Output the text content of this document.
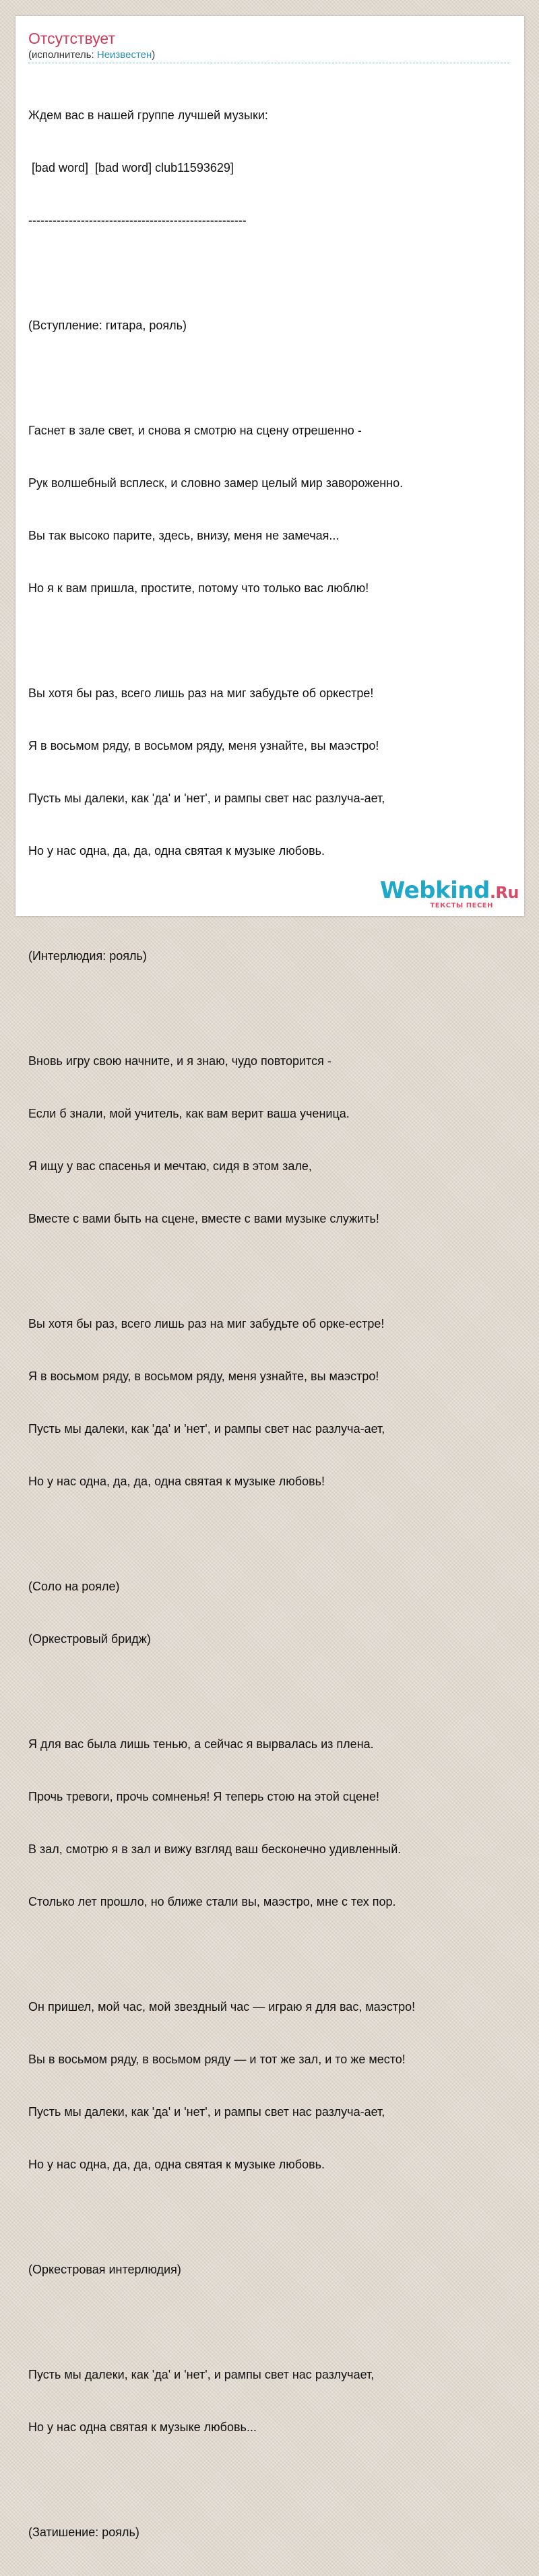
Отсутствует
(исполнитель: Неизвестен)

Ждем вас в нашей группе лучшей музыки:

[bad word]  [bad word] club11593629]

------------------------------------------------------

(Вступление: гитара, рояль)

Гаснет в зале свет, и снова я смотрю на сцену отрешенно -

Рук волшебный всплеск, и словно замер целый мир завороженно.

Вы так высоко парите, здесь, внизу, меня не замечая...

Но я к вам пришла, простите, потому что только вас люблю!

Вы хотя бы раз, всего лишь раз на миг забудьте об оркестре!

Я в восьмом ряду, в восьмом ряду, меня узнайте, вы маэстро!

Пусть мы далеки, как 'да' и 'нет', и рампы свет нас разлуча-ает,

Но у нас одна, да, да, одна святая к музыке любовь.

(Интерлюдия: рояль)

Вновь игру свою начните, и я знаю, чудо повторится -

Если б знали, мой учитель, как вам верит ваша ученица.

Я ищу у вас спасенья и мечтаю, сидя в этом зале,

Вместе с вами быть на сцене, вместе с вами музыке служить!

Вы хотя бы раз, всего лишь раз на миг забудьте об орке-естре!

Я в восьмом ряду, в восьмом ряду, меня узнайте, вы маэстро!

Пусть мы далеки, как 'да' и 'нет', и рампы свет нас разлуча-ает,

Но у нас одна, да, да, одна святая к музыке любовь!

(Соло на рояле)

(Оркестровый бридж)

Я для вас была лишь тенью, а сейчас я вырвалась из плена.

Прочь тревоги, прочь сомненья! Я теперь стою на этой сцене!

В зал, смотрю я в зал и вижу взгляд ваш бесконечно удивленный.

Столько лет прошло, но ближе стали вы, маэстро, мне с тех пор.

Он пришел, мой час, мой звездный час — играю я для вас, маэстро!

Вы в восьмом ряду, в восьмом ряду — и тот же зал, и то же место!

Пусть мы далеки, как 'да' и 'нет', и рампы свет нас разлуча-ает,

Но у нас одна, да, да, одна святая к музыке любовь.

(Оркестровая интерлюдия)

Пусть мы далеки, как 'да' и 'нет', и рампы свет нас разлучает,

Но у нас одна святая к музыке любовь...

(Затишение: рояль)

Webkind.Ru
ТЕКСТЫ ПЕСЕН
